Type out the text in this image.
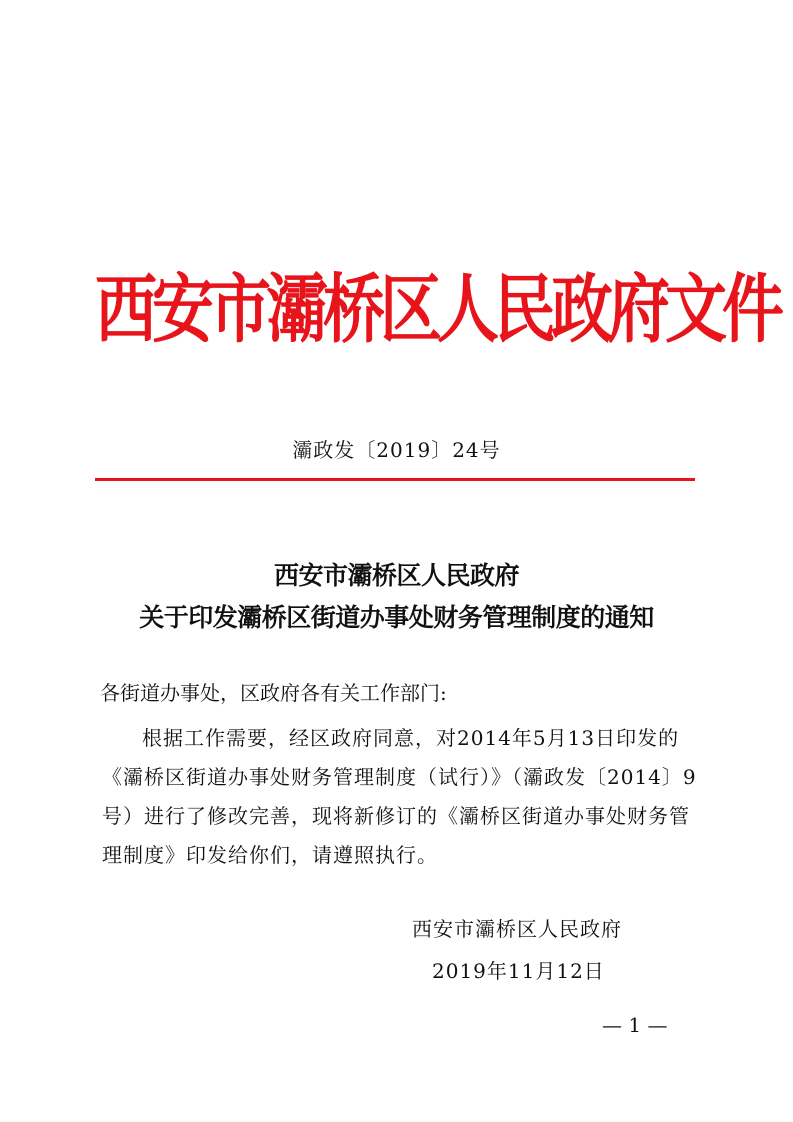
西安市灞桥区人民政府文件
灞政发〔2019〕24号
西安市灞桥区人民政府
关于印发灞桥区街道办事处财务管理制度的通知
各街道办事处，区政府各有关工作部门:
根据工作需要，经区政府同意，对2014年5月13日印发的
《灞桥区街道办事处财务管理制度（试行）》（灞政发〔2014〕9
号）进行了修改完善，现将新修订的《灞桥区街道办事处财务管
理制度》印发给你们，请遵照执行。
西安市灞桥区人民政府
2019年11月12日
— 1 —
